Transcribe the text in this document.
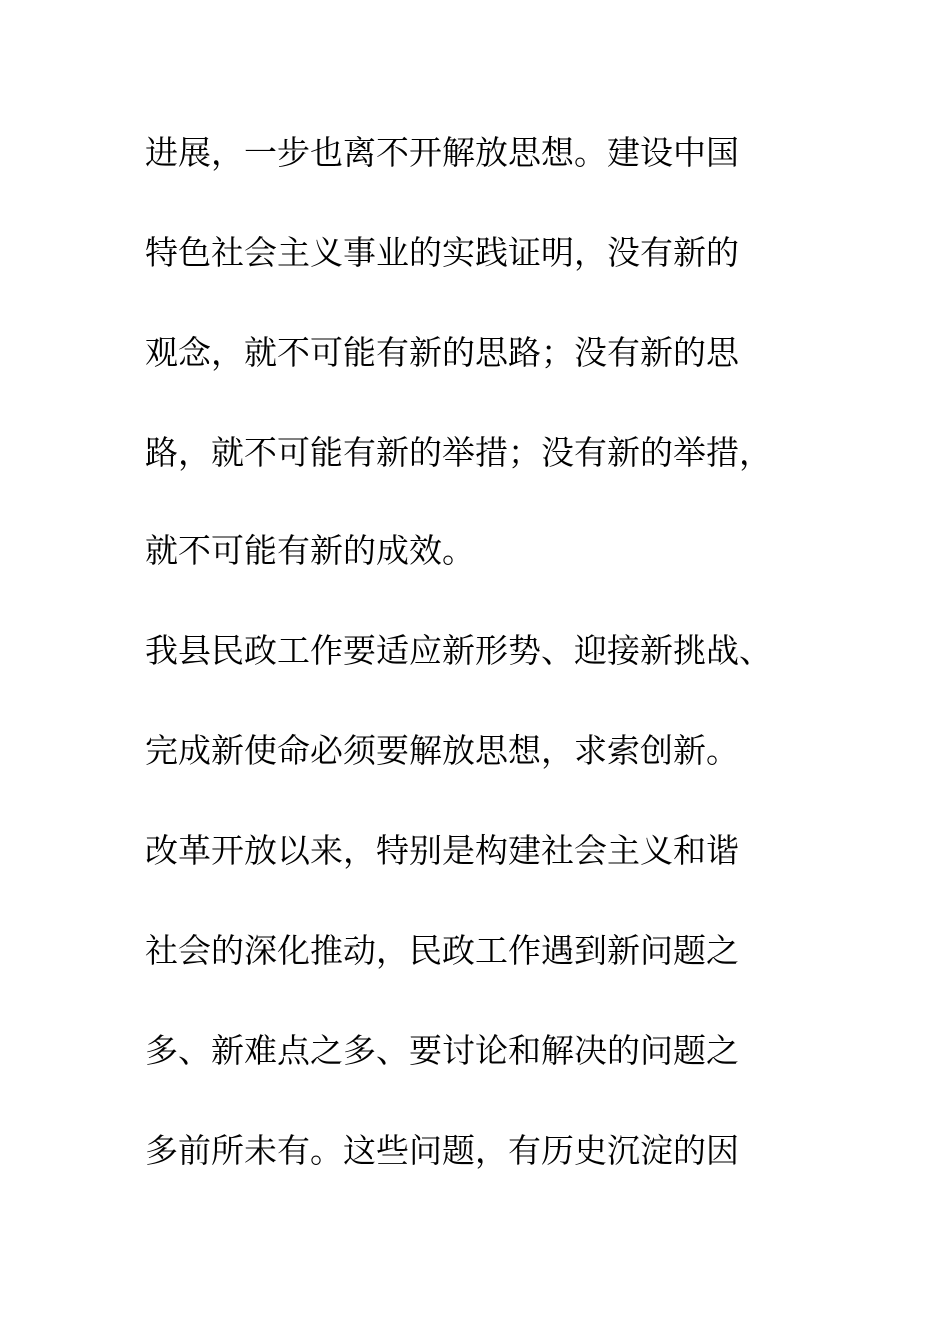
进展，一步也离不开解放思想。建设中国
特色社会主义事业的实践证明，没有新的
观念，就不可能有新的思路；没有新的思
路，就不可能有新的举措；没有新的举措，
就不可能有新的成效。
我县民政工作要适应新形势、迎接新挑战、
完成新使命必须要解放思想，求索创新。
改革开放以来，特别是构建社会主义和谐
社会的深化推动，民政工作遇到新问题之
多、新难点之多、要讨论和解决的问题之
多前所未有。这些问题，有历史沉淀的因
